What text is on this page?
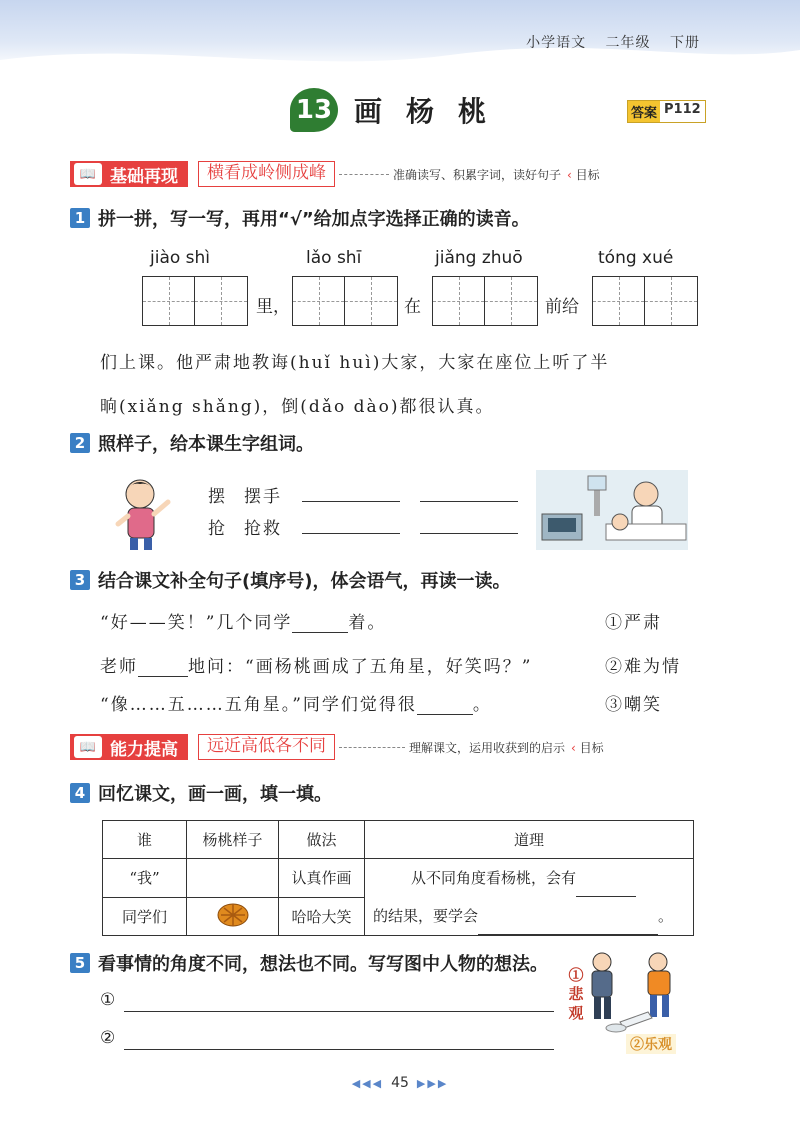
小学语文 二年级 下册
13 画杨桃	答案 P112
📖 基础再现	横看成岭侧成峰	准确读写、积累字词，读好句子 ‹ 目标
1 拼一拼，写一写，再用“√”给加点字选择正确的读音。
jiào shì	lǎo shī	jiǎng zhuō	tóng xué
里，	在	前给
们上课。他严肃地教诲(huǐ huì)大家，大家在座位上听了半
晌(xiǎng shǎng)，倒(dǎo dào)都很认真。
2 照样子，给本课生字组词。
摆 摆手
抢 抢救
3 结合课文补全句子(填序号)，体会语气，再读一读。
“好——笑！”几个同学	着。
老师	地问：“画杨桃画成了五角星，好笑吗？”
“像……五……五角星。”同学们觉得很	。
①严肃
②难为情
③嘲笑
📖 能力提高	远近高低各不同	理解课文，运用收获到的启示 ‹ 目标
4 回忆课文，画一画，填一填。
谁	杨桃样子	做法	道理
“我”		认真作画	从不同角度看杨桃，会有
的结果，要学会 。

同学们		哈哈大笑	
5 看事情的角度不同，想法也不同。写写图中人物的想法。
①
②
①悲观
②乐观
◀◀◀ 45 ▶▶▶
